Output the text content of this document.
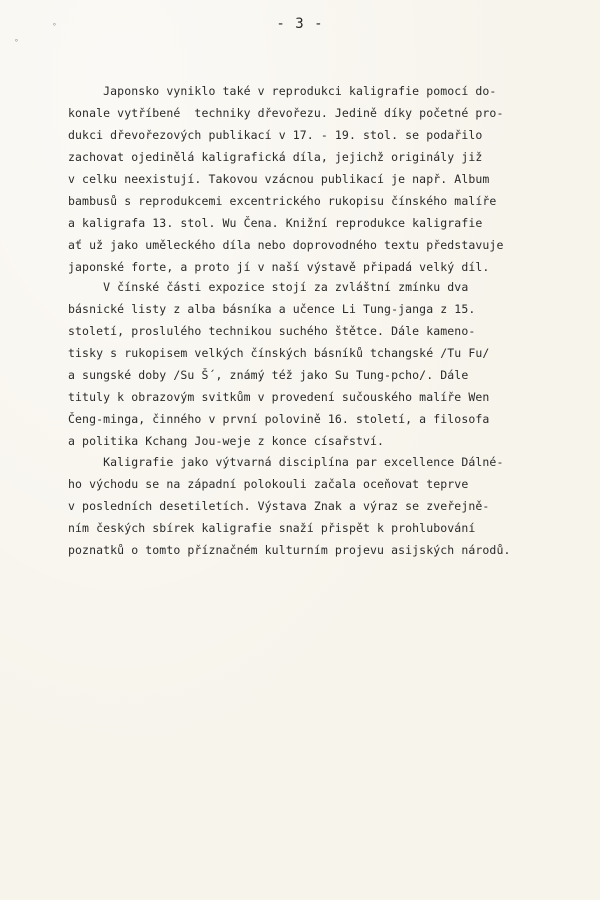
°
°	- 3 -
Japonsko vyniklo také v reprodukci kaligrafie pomocí do-
konale vytříbené  techniky dřevořezu. Jedině díky početné pro-
dukci dřevořezových publikací v 17. - 19. stol. se podařilo
zachovat ojedinělá kaligrafická díla, jejichž originály již
v celku neexistují. Takovou vzácnou publikací je např. Album
bambusů s reprodukcemi excentrického rukopisu čínského malíře
a kaligrafa 13. stol. Wu Čena. Knižní reprodukce kaligrafie
ať už jako uměleckého díla nebo doprovodného textu představuje
japonské forte, a proto jí v naší výstavě připadá velký díl.
V čínské části expozice stojí za zvláštní zmínku dva
básnické listy z alba básníka a učence Li Tung-janga z 15.
století, proslulého technikou suchého štětce. Dále kameno-
tisky s rukopisem velkých čínských básníků tchangské /Tu Fu/
a sungské doby /Su Š´, známý též jako Su Tung-pcho/. Dále
tituly k obrazovým svitkům v provedení sučouského malíře Wen
Čeng-minga, činného v první polovině 16. století, a filosofa
a politika Kchang Jou-weje z konce císařství.
Kaligrafie jako výtvarná disciplína par excellence Dálné-
ho východu se na západní polokouli začala oceňovat teprve
v posledních desetiletích. Výstava Znak a výraz se zveřejně-
ním českých sbírek kaligrafie snaží přispět k prohlubování
poznatků o tomto příznačném kulturním projevu asijských národů.
